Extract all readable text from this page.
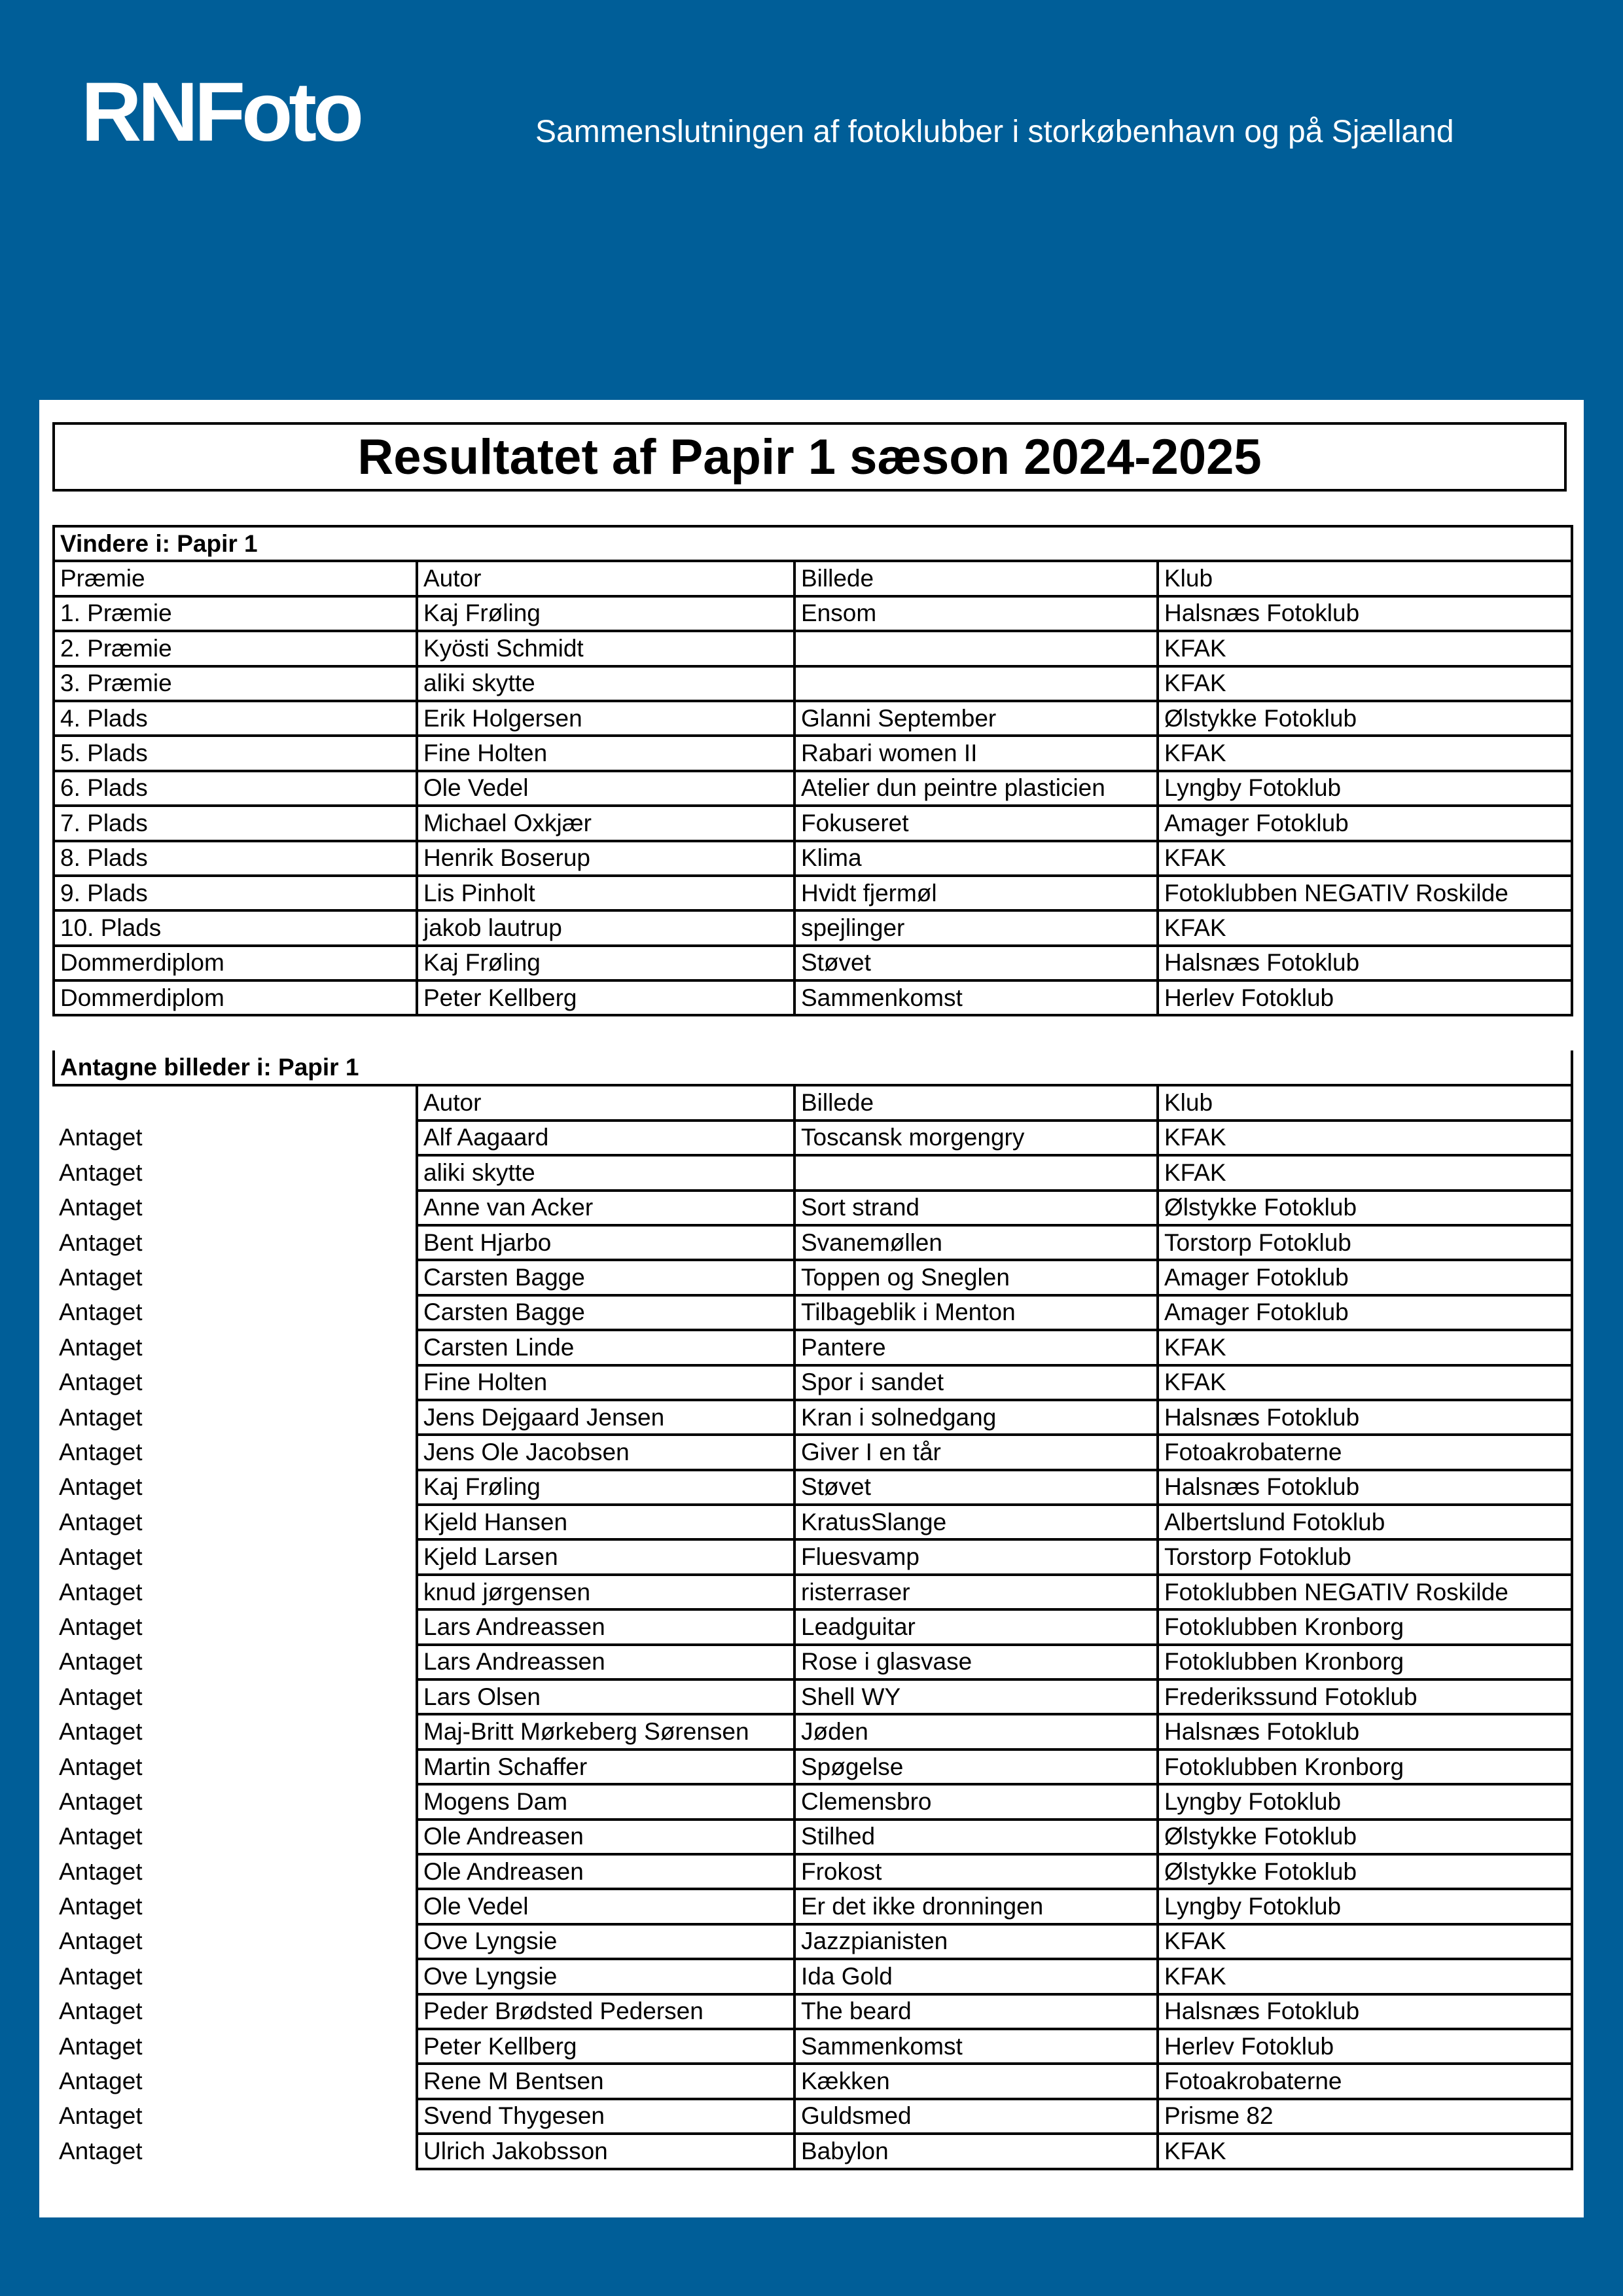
RNFoto	Sammenslutningen af fotoklubber i storkøbenhavn og på Sjælland
Resultatet af Papir 1 sæson 2024-2025
Vindere i: Papir 1			
Præmie	Autor	Billede	Klub
1. Præmie	Kaj Frøling	Ensom	Halsnæs Fotoklub
2. Præmie	Kyösti Schmidt		KFAK
3. Præmie	aliki skytte		KFAK
4. Plads	Erik Holgersen	Glanni September	Ølstykke Fotoklub
5. Plads	Fine Holten	Rabari women II	KFAK
6. Plads	Ole Vedel	Atelier dun peintre plasticien	Lyngby Fotoklub
7. Plads	Michael Oxkjær	Fokuseret	Amager Fotoklub
8. Plads	Henrik Boserup	Klima	KFAK
9. Plads	Lis Pinholt	Hvidt fjermøl	Fotoklubben NEGATIV Roskilde
10. Plads	jakob lautrup	spejlinger	KFAK
Dommerdiplom	Kaj Frøling	Støvet	Halsnæs Fotoklub
Dommerdiplom	Peter Kellberg	Sammenkomst	Herlev Fotoklub
Antagne billeder i: Papir 1			
	Autor	Billede	Klub
Antaget	Alf Aagaard	Toscansk morgengry	KFAK
Antaget	aliki skytte		KFAK
Antaget	Anne van Acker	Sort strand	Ølstykke Fotoklub
Antaget	Bent Hjarbo	Svanemøllen	Torstorp Fotoklub
Antaget	Carsten Bagge	Toppen og Sneglen	Amager Fotoklub
Antaget	Carsten Bagge	Tilbageblik i Menton	Amager Fotoklub
Antaget	Carsten Linde	Pantere	KFAK
Antaget	Fine Holten	Spor i sandet	KFAK
Antaget	Jens Dejgaard Jensen	Kran i solnedgang	Halsnæs Fotoklub
Antaget	Jens Ole Jacobsen	Giver I en tår	Fotoakrobaterne
Antaget	Kaj Frøling	Støvet	Halsnæs Fotoklub
Antaget	Kjeld Hansen	KratusSlange	Albertslund Fotoklub
Antaget	Kjeld Larsen	Fluesvamp	Torstorp Fotoklub
Antaget	knud jørgensen	risterraser	Fotoklubben NEGATIV Roskilde
Antaget	Lars Andreassen	Leadguitar	Fotoklubben Kronborg
Antaget	Lars Andreassen	Rose i glasvase	Fotoklubben Kronborg
Antaget	Lars Olsen	Shell WY	Frederikssund Fotoklub
Antaget	Maj-Britt Mørkeberg Sørensen	Jøden	Halsnæs Fotoklub
Antaget	Martin Schaffer	Spøgelse	Fotoklubben Kronborg
Antaget	Mogens Dam	Clemensbro	Lyngby Fotoklub
Antaget	Ole Andreasen	Stilhed	Ølstykke Fotoklub
Antaget	Ole Andreasen	Frokost	Ølstykke Fotoklub
Antaget	Ole Vedel	Er det ikke dronningen	Lyngby Fotoklub
Antaget	Ove Lyngsie	Jazzpianisten	KFAK
Antaget	Ove Lyngsie	Ida Gold	KFAK
Antaget	Peder Brødsted Pedersen	The beard	Halsnæs Fotoklub
Antaget	Peter Kellberg	Sammenkomst	Herlev Fotoklub
Antaget	Rene M Bentsen	Kækken	Fotoakrobaterne
Antaget	Svend Thygesen	Guldsmed	Prisme 82
Antaget	Ulrich Jakobsson	Babylon	KFAK
